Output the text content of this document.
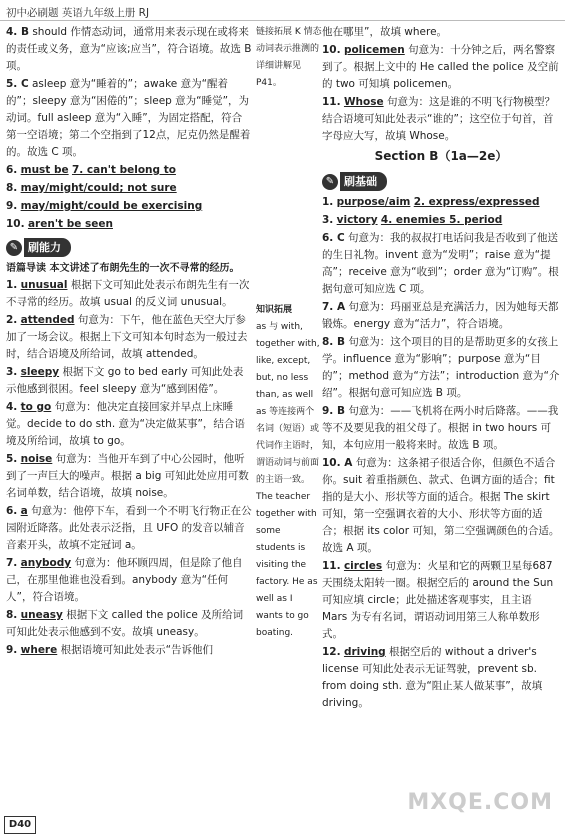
初中必刷题 英语九年级上册 RJ
4. B should 作情态动词，通常用来表示现在或将来的责任或义务，意为“应该;应当”，符合语境。故选 B 项。
5. C asleep 意为“睡着的”；awake 意为“醒着的”；sleepy 意为“困倦的”；sleep 意为“睡觉”，为动词。full asleep 意为“入睡”，为固定搭配，符合第一空语境；第二个空指到了12点，尼克仍然是醒着的。故选 C 项。
6. must be 7. can't belong to
8. may/might/could; not sure
9. may/might/could be exercising
10. aren't be seen
✎ 刷能力
语篇导读 本文讲述了布朗先生的一次不寻常的经历。
1. unusual 根据下文可知此处表示布朗先生有一次不寻常的经历。故填 usual 的反义词 unusual。
2. attended 句意为：下午，他在蓝色天空大厅参加了一场会议。根据上下文可知本句时态为一般过去时，结合语境及所给词，故填 attended。
3. sleepy 根据下文 go to bed early 可知此处表示他感到很困。feel sleepy 意为“感到困倦”。
4. to go 句意为：他决定直接回家并早点上床睡觉。decide to do sth. 意为“决定做某事”，结合语境及所给词，故填 to go。
5. noise 句意为：当他开车到了中心公园时，他听到了一声巨大的噪声。根据 a big 可知此处应用可数名词单数，结合语境，故填 noise。
6. a 句意为：他停下车，看到一个不明飞行物正在公园附近降落。此处表示泛指，且 UFO 的发音以辅音音素开头，故填不定冠词 a。
7. anybody 句意为：他环顾四周，但是除了他自己，在那里他谁也没看到。anybody 意为“任何人”，符合语境。
8. uneasy 根据下文 called the police 及所给词可知此处表示他感到不安。故填 uneasy。
9. where 根据语境可知此处表示“告诉他们
链接拓展 K 情态动词表示推测的详细讲解见P41。
知识拓展
as 与 with, together with, like, except, but, no less than, as well as 等连接两个名词（短语）或代词作主语时，谓语动词与前面的主语一致。The teacher together with some students is visiting the factory. He as well as I wants to go boating.
他在哪里”，故填 where。
10. policemen 句意为：十分钟之后，两名警察到了。根据上文中的 He called the police 及空前的 two 可知填 policemen。
11. Whose 句意为：这是谁的不明飞行物模型？结合语境可知此处表示“谁的”；这空位于句首，首字母应大写，故填 Whose。
Section B（1a—2e）
✎ 刷基础
1. purpose/aim 2. express/expressed
3. victory 4. enemies 5. period
6. C 句意为：我的叔叔打电话问我是否收到了他送的生日礼物。invent 意为“发明”；raise 意为“提高”；receive 意为“收到”；order 意为“订购”。根据句意可知应选 C 项。
7. A 句意为：玛丽亚总是充满活力，因为她每天都锻炼。energy 意为“活力”，符合语境。
8. B 句意为：这个项目的目的是帮助更多的女孩上学。influence 意为“影响”；purpose 意为“目的”；method 意为“方法”；introduction 意为“介绍”。根据句意可知应选 B 项。
9. B 句意为：——飞机将在两小时后降落。——我等不及要见我的祖父母了。根据 in two hours 可知，本句应用一般将来时。故选 B 项。
10. A 句意为：这条裙子很适合你，但颜色不适合你。suit 着重指颜色、款式、色调方面的适合；fit 指的是大小、形状等方面的适合。根据 The skirt 可知，第一空强调衣着的大小、形状等方面的适合；根据 its color 可知，第二空强调颜色的合适。故选 A 项。
11. circles 句意为：火星和它的两颗卫星每687天围绕太阳转一圈。根据空后的 around the Sun 可知应填 circle；此处描述客观事实，且主语 Mars 为专有名词，谓语动词用第三人称单数形式。
12. driving 根据空后的 without a driver's license 可知此处表示无证驾驶，prevent sb. from doing sth. 意为“阻止某人做某事”，故填 driving。
D40
MXQE.COM
